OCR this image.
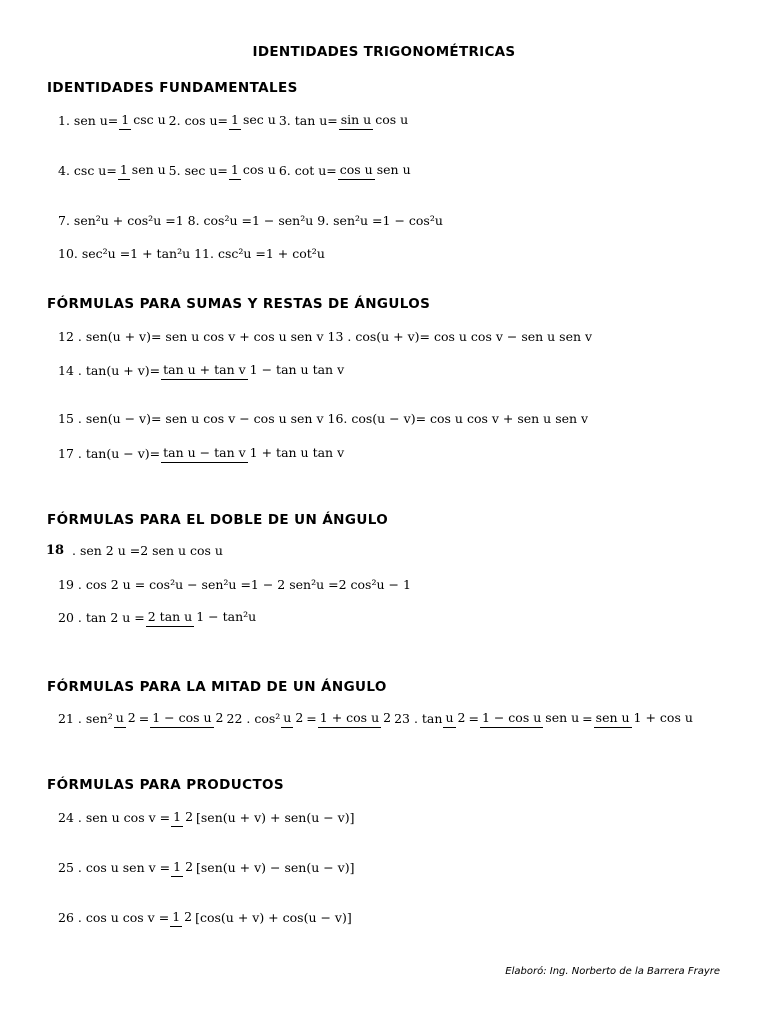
IDENTIDADES TRIGONOMÉTRICAS
IDENTIDADES FUNDAMENTALES
1. sen u= 1 csc u 2. cos u= 1 sec u 3. tan u= sin u cos u
4. csc u= 1 sen u 5. sec u= 1 cos u 6. cot u= cos u sen u
7. sen²u + cos²u =1 8. cos²u =1 − sen²u 9. sen²u =1 − cos²u
10. sec²u =1 + tan²u 11. csc²u =1 + cot²u
FÓRMULAS PARA SUMAS Y RESTAS DE ÁNGULOS
12 . sen(u + v)= sen u cos v + cos u sen v 13 . cos(u + v)= cos u cos v − sen u sen v
14 . tan(u + v)= tan u + tan v 1 − tan u tan v
15 . sen(u − v)= sen u cos v − cos u sen v 16. cos(u − v)= cos u cos v + sen u sen v
17 . tan(u − v)= tan u − tan v 1 + tan u tan v
FÓRMULAS PARA EL DOBLE DE UN ÁNGULO
18 . sen 2 u =2 sen u cos u
19 . cos 2 u = cos²u − sen²u =1 − 2 sen²u =2 cos²u − 1
20 . tan 2 u = 2 tan u 1 − tan²u
FÓRMULAS PARA LA MITAD DE UN ÁNGULO
21 . sen² u 2 = 1 − cos u 2 22 . cos² u 2 = 1 + cos u 2 23 . tan u 2 = 1 − cos u sen u = sen u 1 + cos u
FÓRMULAS PARA PRODUCTOS
24 . sen u cos v = 1 2 [sen(u + v) + sen(u − v)]
25 . cos u sen v = 1 2 [sen(u + v) − sen(u − v)]
26 . cos u cos v = 1 2 [cos(u + v) + cos(u − v)]
Elaboró: Ing. Norberto de la Barrera Frayre
